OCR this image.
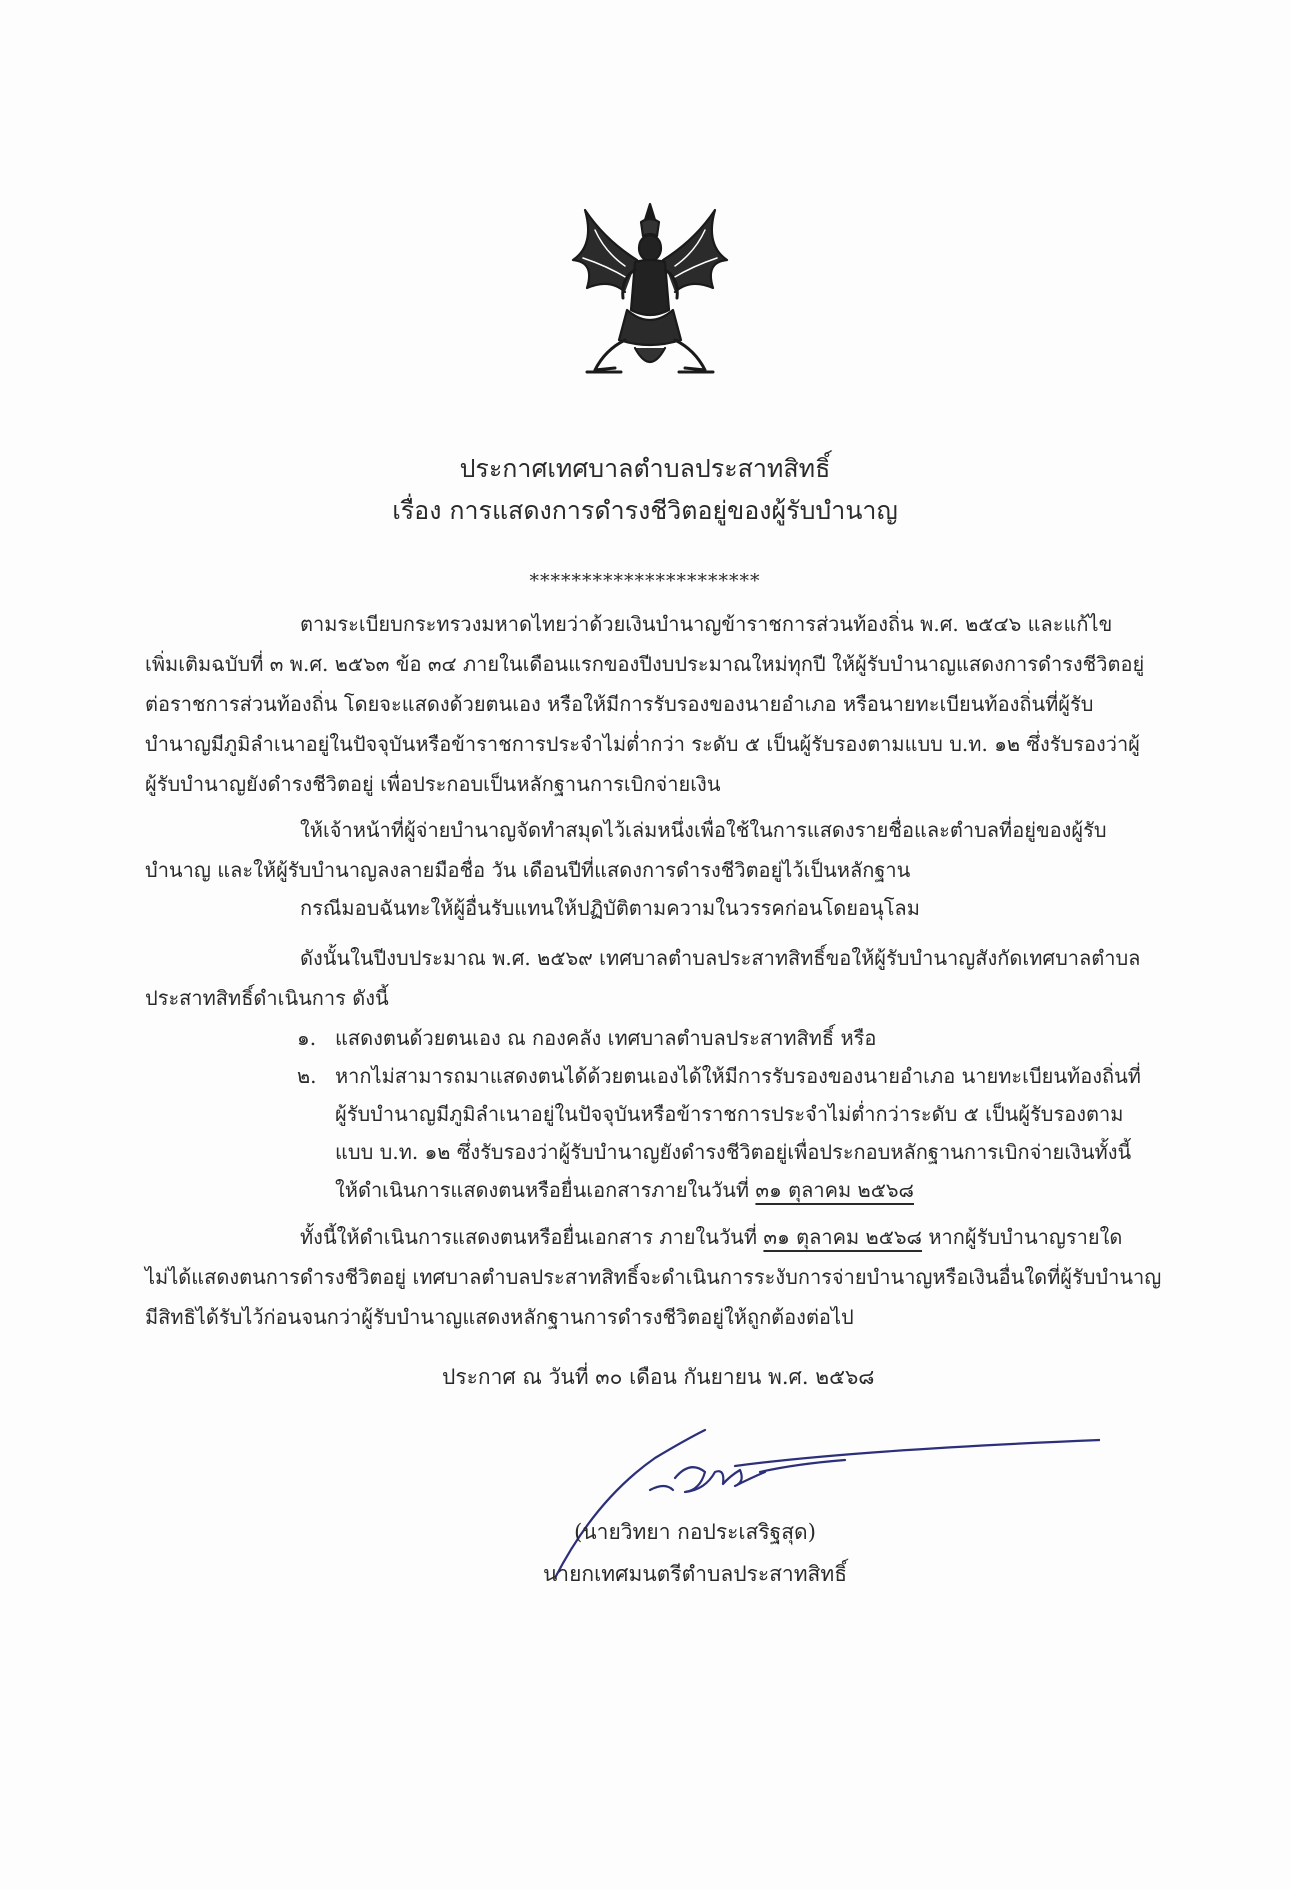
ประกาศเทศบาลตำบลประสาทสิทธิ์

เรื่อง การแสดงการดำรงชีวิตอยู่ของผู้รับบำนาญ

**********************
ตามระเบียบกระทรวงมหาดไทยว่าด้วยเงินบำนาญข้าราชการส่วนท้องถิ่น พ.ศ. ๒๕๔๖ และแก้ไข
เพิ่มเติมฉบับที่ ๓ พ.ศ. ๒๕๖๓ ข้อ ๓๔ ภายในเดือนแรกของปีงบประมาณใหม่ทุกปี ให้ผู้รับบำนาญแสดงการดำรงชีวิตอยู่
ต่อราชการส่วนท้องถิ่น โดยจะแสดงด้วยตนเอง หรือให้มีการรับรองของนายอำเภอ หรือนายทะเบียนท้องถิ่นที่ผู้รับ
บำนาญมีภูมิลำเนาอยู่ในปัจจุบันหรือข้าราชการประจำไม่ต่ำกว่า ระดับ ๕ เป็นผู้รับรองตามแบบ บ.ท. ๑๒ ซึ่งรับรองว่าผู้
ผู้รับบำนาญยังดำรงชีวิตอยู่ เพื่อประกอบเป็นหลักฐานการเบิกจ่ายเงิน
ให้เจ้าหน้าที่ผู้จ่ายบำนาญจัดทำสมุดไว้เล่มหนึ่งเพื่อใช้ในการแสดงรายชื่อและตำบลที่อยู่ของผู้รับ
บำนาญ และให้ผู้รับบำนาญลงลายมือชื่อ วัน เดือนปีที่แสดงการดำรงชีวิตอยู่ไว้เป็นหลักฐาน
กรณีมอบฉันทะให้ผู้อื่นรับแทนให้ปฏิบัติตามความในวรรคก่อนโดยอนุโลม
ดังนั้นในปีงบประมาณ พ.ศ. ๒๕๖๙ เทศบาลตำบลประสาทสิทธิ์ขอให้ผู้รับบำนาญสังกัดเทศบาลตำบล
ประสาทสิทธิ์ดำเนินการ ดังนี้
๑. แสดงตนด้วยตนเอง ณ กองคลัง เทศบาลตำบลประสาทสิทธิ์ หรือ
๒. หากไม่สามารถมาแสดงตนได้ด้วยตนเองได้ให้มีการรับรองของนายอำเภอ นายทะเบียนท้องถิ่นที่
ผู้รับบำนาญมีภูมิลำเนาอยู่ในปัจจุบันหรือข้าราชการประจำไม่ต่ำกว่าระดับ ๕ เป็นผู้รับรองตาม
แบบ บ.ท. ๑๒ ซึ่งรับรองว่าผู้รับบำนาญยังดำรงชีวิตอยู่เพื่อประกอบหลักฐานการเบิกจ่ายเงินทั้งนี้
ให้ดำเนินการแสดงตนหรือยื่นเอกสารภายในวันที่ ๓๑ ตุลาคม ๒๕๖๘
ทั้งนี้ให้ดำเนินการแสดงตนหรือยื่นเอกสาร ภายในวันที่ ๓๑ ตุลาคม ๒๕๖๘ หากผู้รับบำนาญรายใด
ไม่ได้แสดงตนการดำรงชีวิตอยู่ เทศบาลตำบลประสาทสิทธิ์จะดำเนินการระงับการจ่ายบำนาญหรือเงินอื่นใดที่ผู้รับบำนาญ
มีสิทธิได้รับไว้ก่อนจนกว่าผู้รับบำนาญแสดงหลักฐานการดำรงชีวิตอยู่ให้ถูกต้องต่อไป
ประกาศ ณ วันที่ ๓๐ เดือน กันยายน พ.ศ. ๒๕๖๘
(นายวิทยา กอประเสริฐสุด)
นายกเทศมนตรีตำบลประสาทสิทธิ์
